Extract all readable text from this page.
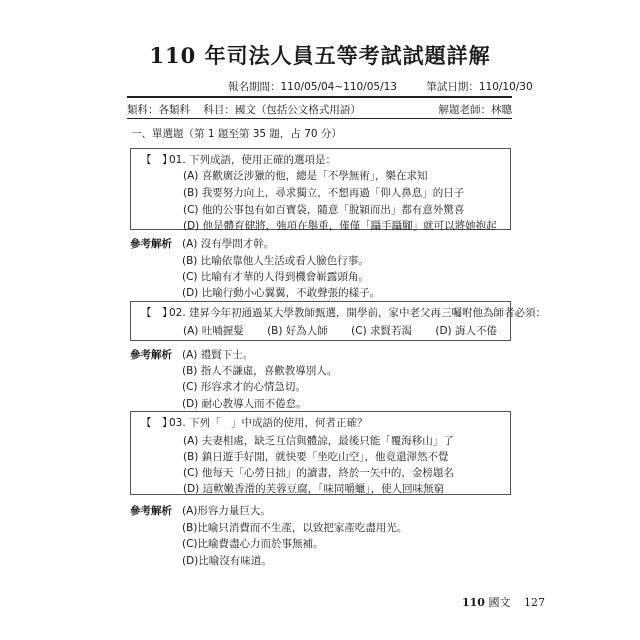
110 年司法人員五等考試試題詳解
報名期間：110/05/04~110/05/13	筆試日期：110/10/30
類科：各類科 科目：國文（包括公文格式用語）	解題老師：林聰
一、單選題（第 1 題至第 35 題，占 70 分）
【　】01. 下列成語，使用正確的選項是：
(A) 喜歡廣泛涉獵的他，總是「不學無術」，樂在求知
(B) 我要努力向上，尋求獨立，不想再過「仰人鼻息」的日子
(C) 他的公事包有如百寶袋，隨意「脫穎而出」都有意外驚喜
(D) 他是體育健將，強項在舉重，僅僅「躡手躡腳」就可以將她抱起
參考解析 (A) 沒有學問才幹。
(B) 比喻依靠他人生活或看人臉色行事。
(C) 比喻有才華的人得到機會嶄露頭角。
(D) 比喻行動小心翼翼，不敢聲張的樣子。
【　】02. 建昇今年初通過某大學教師甄選，開學前，家中老父再三囑咐他為師者必須：
(A) 吐哺握髮 (B) 好為人師 (C) 求賢若渴 (D) 誨人不倦
參考解析 (A) 禮賢下士。
(B) 指人不謙虛，喜歡教導別人。
(C) 形容求才的心情急切。
(D) 耐心教導人而不倦怠。
【　】03. 下列「　」中成語的使用，何者正確？
(A) 夫妻相處，缺乏互信與體諒，最後只能「覆海移山」了
(B) 鎮日遊手好閒，就快要「坐吃山空」，他竟還渾然不覺
(C) 他每天「心勞日拙」的讀書，終於一矢中的，金榜題名
(D) 這軟嫩香滑的芙蓉豆腐，「味同嚼蠟」，使人回味無窮
參考解析 (A)形容力量巨大。
(B)比喻只消費而不生產，以致把家產吃盡用光。
(C)比喻費盡心力而於事無補。
(D)比喻沒有味道。
110 國文 127
